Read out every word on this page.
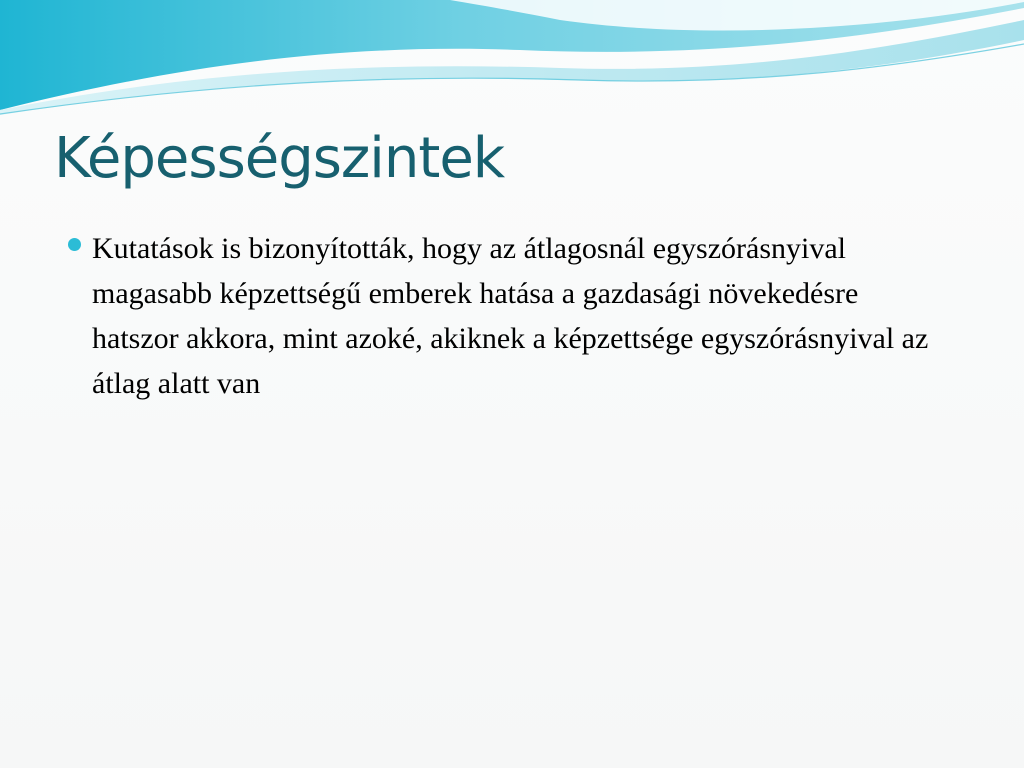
Képességszintek
Kutatások is bizonyították, hogy az átlagosnál egyszórásnyival magasabb képzettségű emberek hatása a gazdasági növekedésre hatszor akkora, mint azoké, akiknek a képzettsége egyszórásnyival az átlag alatt van
